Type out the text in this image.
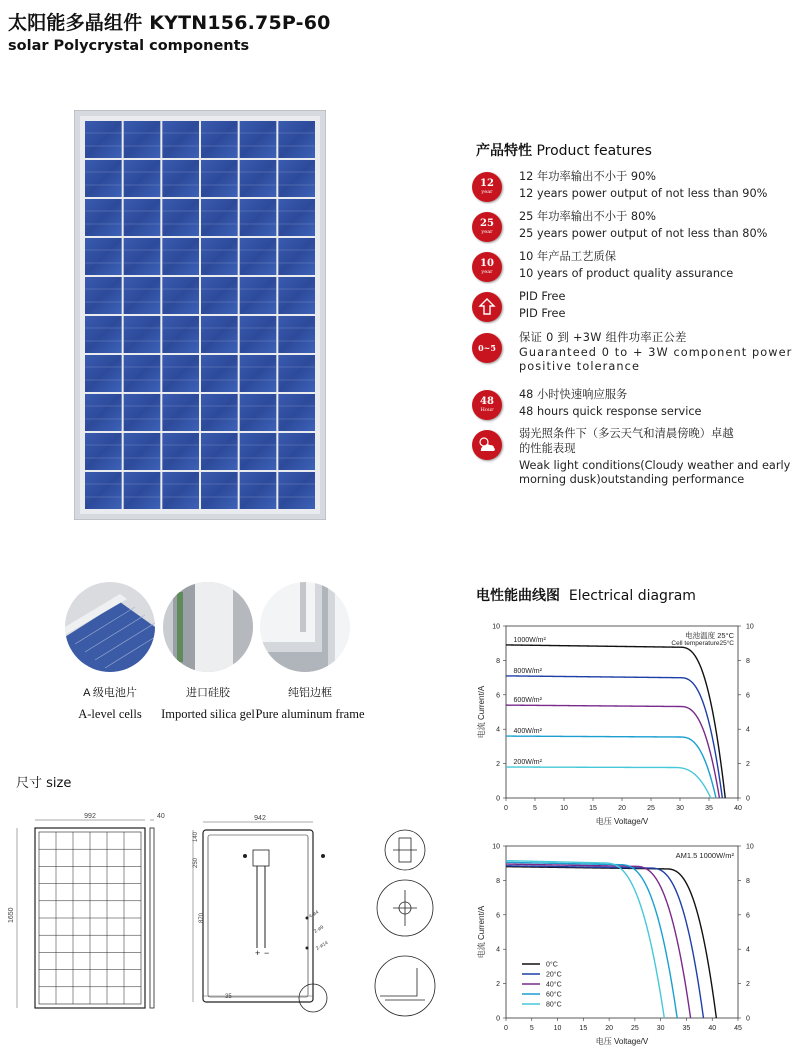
太阳能多晶组件 KYTN156.75P-60
solar Polycrystal components
产品特性 Product features
12
year
12 年功率输出不小于 90%
12 years power output of not less than 90%
25
year
25 年功率输出不小于 80%
25 years power output of not less than 80%
10
year
10 年产品工艺质保
10 years of product quality assurance
PID Free
PID Free
0~5
保证 0 到 +3W 组件功率正公差
Guaranteed 0 to + 3W component power positive tolerance
48
Hour
48 小时快速响应服务
48 hours quick response service
弱光照条件下（多云天气和清晨傍晚）卓越的性能表现
Weak light conditions(Cloudy weather and early morning dusk)outstanding performance
A 级电池片
A-level cells
进口硅胶
Imported silica gel
纯铝边框
Pure aluminum frame
尺寸 size
992	40
1650
942
140
250
870
35
4-ø4
2-ø9
2-ø14
+ −
电性能曲线图 Electrical diagram
0	5	10	15	20	25	30	35	40
0	0
2	2
4	4
6	6
8	8
10	10
电压 Voltage/V
电流 Current/A
电池温度 25°C
Cell temperature25°C
1000W/m²
800W/m²
600W/m²
400W/m²
200W/m²
0	5	10	15	20	25	30	35	40	45
0	0
2	2
4	4
6	6
8	8
10	10
电压 Voltage/V
电流 Current/A
AM1.5 1000W/m²
0°C
20°C
40°C
60°C
80°C
